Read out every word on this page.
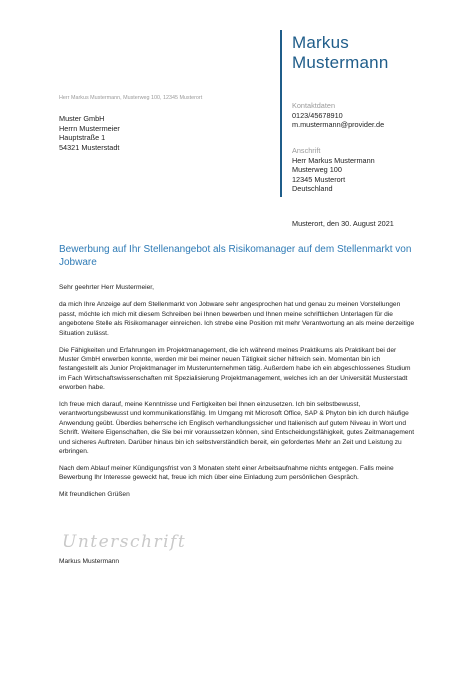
Markus
Mustermann
Herr Markus Mustermann, Musterweg 100, 12345 Musterort
Muster GmbH
Herrn Mustermeier
Hauptstraße 1
54321 Musterstadt
Kontaktdaten
0123/45678910
m.mustermann@provider.de
Anschrift
Herr Markus Mustermann
Musterweg 100
12345 Musterort
Deutschland
Musterort, den 30. August 2021
Bewerbung auf Ihr Stellenangebot als Risikomanager auf dem Stellenmarkt von Jobware

Sehr geehrter Herr Mustermeier,

da mich Ihre Anzeige auf dem Stellenmarkt von Jobware sehr angesprochen hat und genau zu meinen Vorstellungen passt, möchte ich mich mit diesem Schreiben bei Ihnen bewerben und Ihnen meine schriftlichen Unterlagen für die angebotene Stelle als Risikomanager einreichen. Ich strebe eine Position mit mehr Verantwortung an als meine derzeitige Situation zulässt.

Die Fähigkeiten und Erfahrungen im Projektmanagement, die ich während meines Praktikums als Praktikant bei der Muster GmbH erwerben konnte, werden mir bei meiner neuen Tätigkeit sicher hilfreich sein. Momentan bin ich festangestellt als Junior Projektmanager im Musterunternehmen tätig. Außerdem habe ich ein abgeschlossenes Studium im Fach Wirtschaftswissenschaften mit Spezialisierung Projektmanagement, welches ich an der Universität Musterstadt erworben habe.

Ich freue mich darauf, meine Kenntnisse und Fertigkeiten bei Ihnen einzusetzen. Ich bin selbstbewusst, verantwortungsbewusst und kommunikationsfähig. Im Umgang mit Microsoft Office, SAP & Phyton bin ich durch häufige Anwendung geübt. Überdies beherrsche ich Englisch verhandlungssicher und Italienisch auf gutem Niveau in Wort und Schrift. Weitere Eigenschaften, die Sie bei mir voraussetzen können, sind Entscheidungsfähigkeit, gutes Zeitmanagement und sicheres Auftreten. Darüber hinaus bin ich selbstverständlich bereit, ein gefordertes Mehr an Zeit und Leistung zu erbringen.

Nach dem Ablauf meiner Kündigungsfrist von 3 Monaten steht einer Arbeitsaufnahme nichts entgegen. Falls meine Bewerbung Ihr Interesse geweckt hat, freue ich mich über eine Einladung zum persönlichen Gespräch.

Mit freundlichen Grüßen

Unterschrift
Markus Mustermann
